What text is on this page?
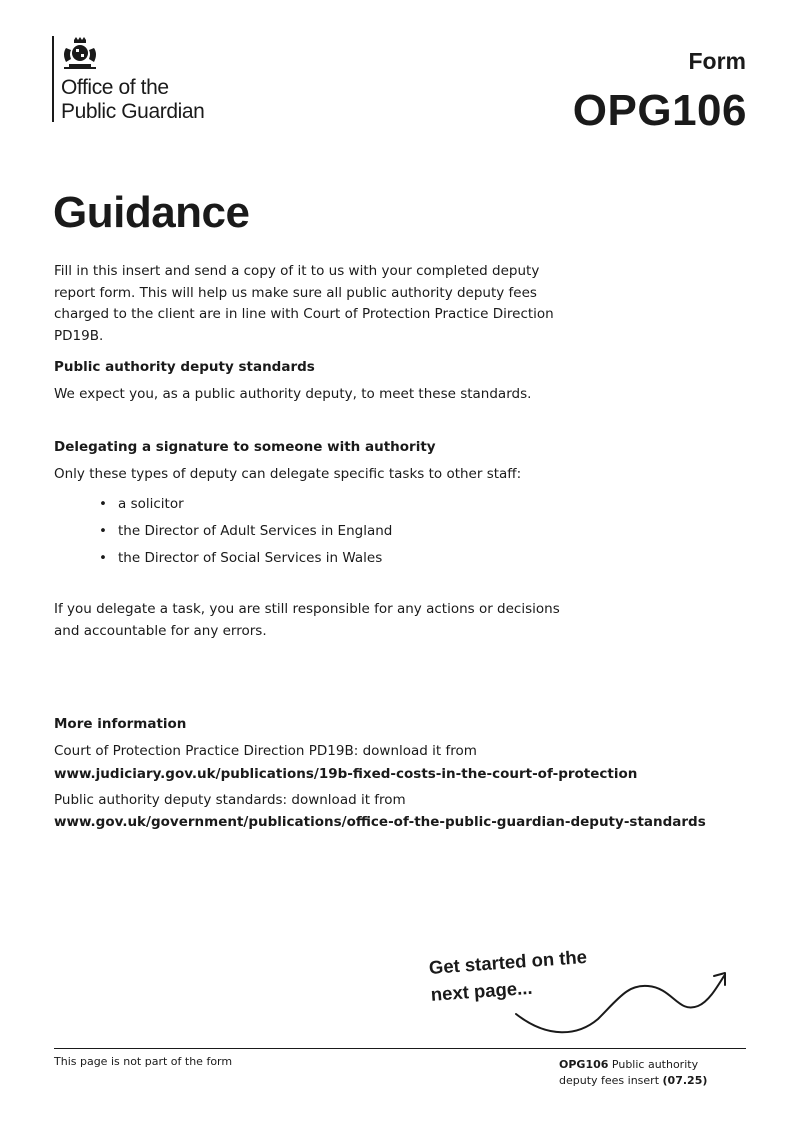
Office of the
Public Guardian
Form
OPG106
Guidance

Fill in this insert and send a copy of it to us with your completed deputy report form. This will help us make sure all public authority deputy fees charged to the client are in line with Court of Protection Practice Direction PD19B.

Public authority deputy standards

We expect you, as a public authority deputy, to meet these standards.

Delegating a signature to someone with authority

Only these types of deputy can delegate specific tasks to other staff:

• a solicitor
• the Director of Adult Services in England
• the Director of Social Services in Wales

If you delegate a task, you are still responsible for any actions or decisions and accountable for any errors.

More information

Court of Protection Practice Direction PD19B: download it from

www.judiciary.gov.uk/publications/19b-fixed-costs-in-the-court-of-protection

Public authority deputy standards: download it from

www.gov.uk/government/publications/office-of-the-public-guardian-deputy-standards

Get started on the
next page...
This page is not part of the form	OPG106 Public authority
deputy fees insert (07.25)
